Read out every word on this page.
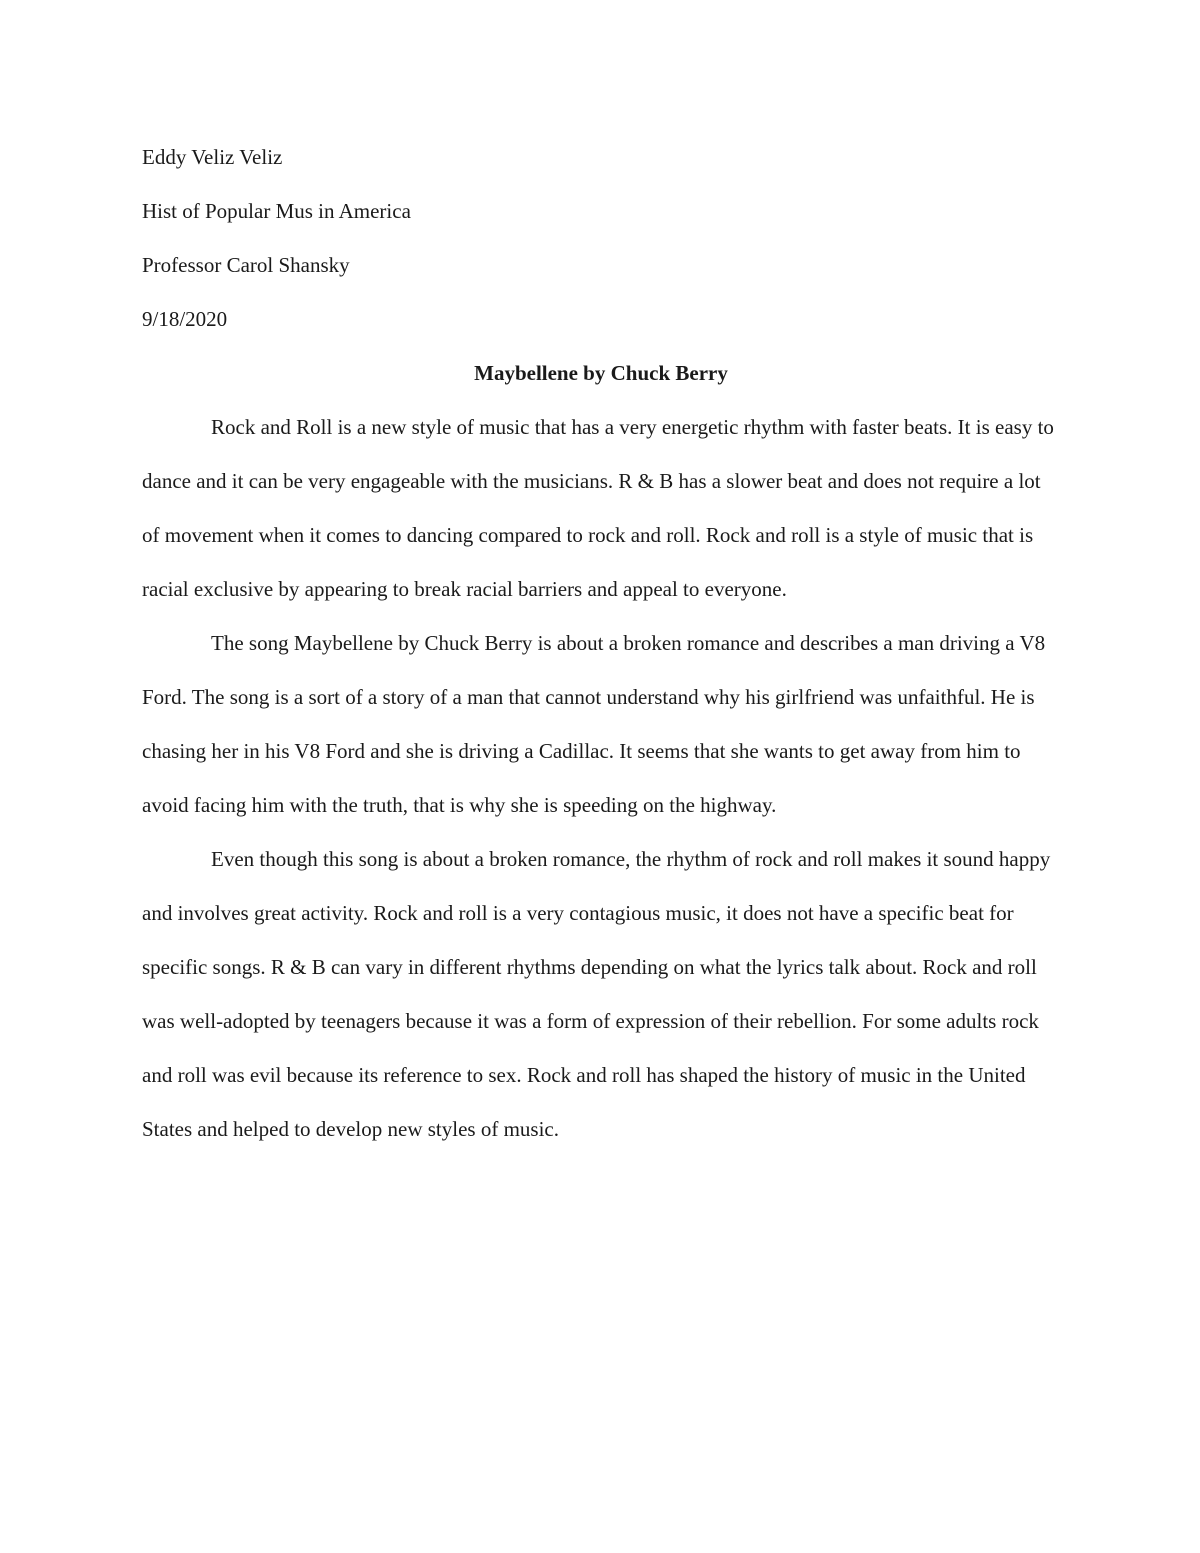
Eddy Veliz Veliz

Hist of Popular Mus in America

Professor Carol Shansky

9/18/2020

Maybellene by Chuck Berry

Rock and Roll is a new style of music that has a very energetic rhythm with faster beats. It is easy to dance and it can be very engageable with the musicians. R & B has a slower beat and does not require a lot of movement when it comes to dancing compared to rock and roll. Rock and roll is a style of music that is racial exclusive by appearing to break racial barriers and appeal to everyone.

The song Maybellene by Chuck Berry is about a broken romance and describes a man driving a V8 Ford. The song is a sort of a story of a man that cannot understand why his girlfriend was unfaithful. He is chasing her in his V8 Ford and she is driving a Cadillac. It seems that she wants to get away from him to avoid facing him with the truth, that is why she is speeding on the highway.

Even though this song is about a broken romance, the rhythm of rock and roll makes it sound happy and involves great activity. Rock and roll is a very contagious music, it does not have a specific beat for specific songs. R & B can vary in different rhythms depending on what the lyrics talk about. Rock and roll was well-adopted by teenagers because it was a form of expression of their rebellion. For some adults rock and roll was evil because its reference to sex. Rock and roll has shaped the history of music in the United States and helped to develop new styles of music.
